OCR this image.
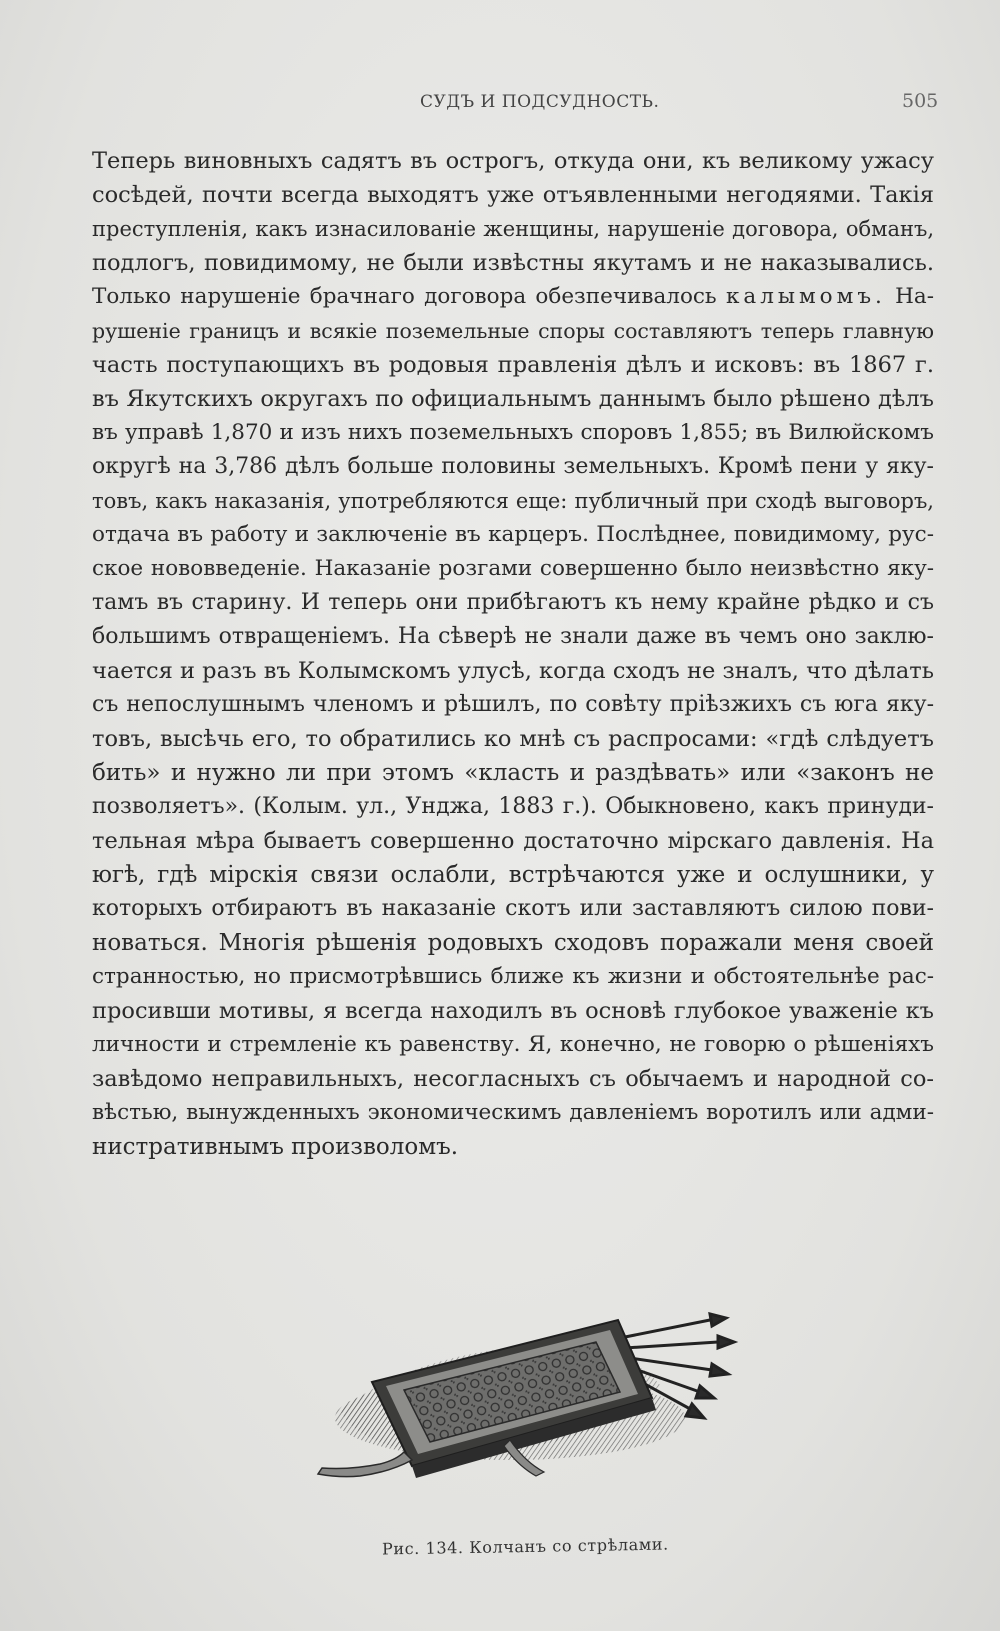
СУДЪ И ПОДСУДНОСТЬ.	505
Теперь виновныхъ садятъ въ острогъ, откуда они, къ великому ужасу
сосѣдей, почти всегда выходятъ уже отъявленными негодяями. Такія
преступленія, какъ изнасилованіе женщины, нарушеніе договора, обманъ,
подлогъ, повидимому, не были извѣстны якутамъ и не наказывались.
Только нарушеніе брачнаго договора обезпечивалось калымомъ. На-
рушеніе границъ и всякіе поземельные споры составляютъ теперь главную
часть поступающихъ въ родовыя правленія дѣлъ и исковъ: въ 1867 г.
въ Якутскихъ округахъ по официальнымъ даннымъ было рѣшено дѣлъ
въ управѣ 1,870 и изъ нихъ поземельныхъ споровъ 1,855; въ Вилюйскомъ
округѣ на 3,786 дѣлъ больше половины земельныхъ. Кромѣ пени у яку-
товъ, какъ наказанія, употребляются еще: публичный при сходѣ выговоръ,
отдача въ работу и заключеніе въ карцеръ. Послѣднее, повидимому, рус-
ское нововведеніе. Наказаніе розгами совершенно было неизвѣстно яку-
тамъ въ старину. И теперь они прибѣгаютъ къ нему крайне рѣдко и съ
большимъ отвращеніемъ. На сѣверѣ не знали даже въ чемъ оно заклю-
чается и разъ въ Колымскомъ улусѣ, когда сходъ не зналъ, что дѣлать
съ непослушнымъ членомъ и рѣшилъ, по совѣту пріѣзжихъ съ юга яку-
товъ, высѣчь его, то обратились ко мнѣ съ распросами: «гдѣ слѣдуетъ
бить» и нужно ли при этомъ «класть и раздѣвать» или «законъ не
позволяетъ». (Колым. ул., Унджа, 1883 г.). Обыкновено, какъ принуди-
тельная мѣра бываетъ совершенно достаточно мірскаго давленія. На
югѣ, гдѣ мірскія связи ослабли, встрѣчаются уже и ослушники, у
которыхъ отбираютъ въ наказаніе скотъ или заставляютъ силою пови-
новаться. Многія рѣшенія родовыхъ сходовъ поражали меня своей
странностью, но присмотрѣвшись ближе къ жизни и обстоятельнѣе рас-
просивши мотивы, я всегда находилъ въ основѣ глубокое уваженіе къ
личности и стремленіе къ равенству. Я, конечно, не говорю о рѣшеніяхъ
завѣдомо неправильныхъ, несогласныхъ съ обычаемъ и народной со-
вѣстью, вынужденныхъ экономическимъ давленіемъ воротилъ или адми-
нистративнымъ произволомъ.
Рис. 134. Колчанъ со стрѣлами.
